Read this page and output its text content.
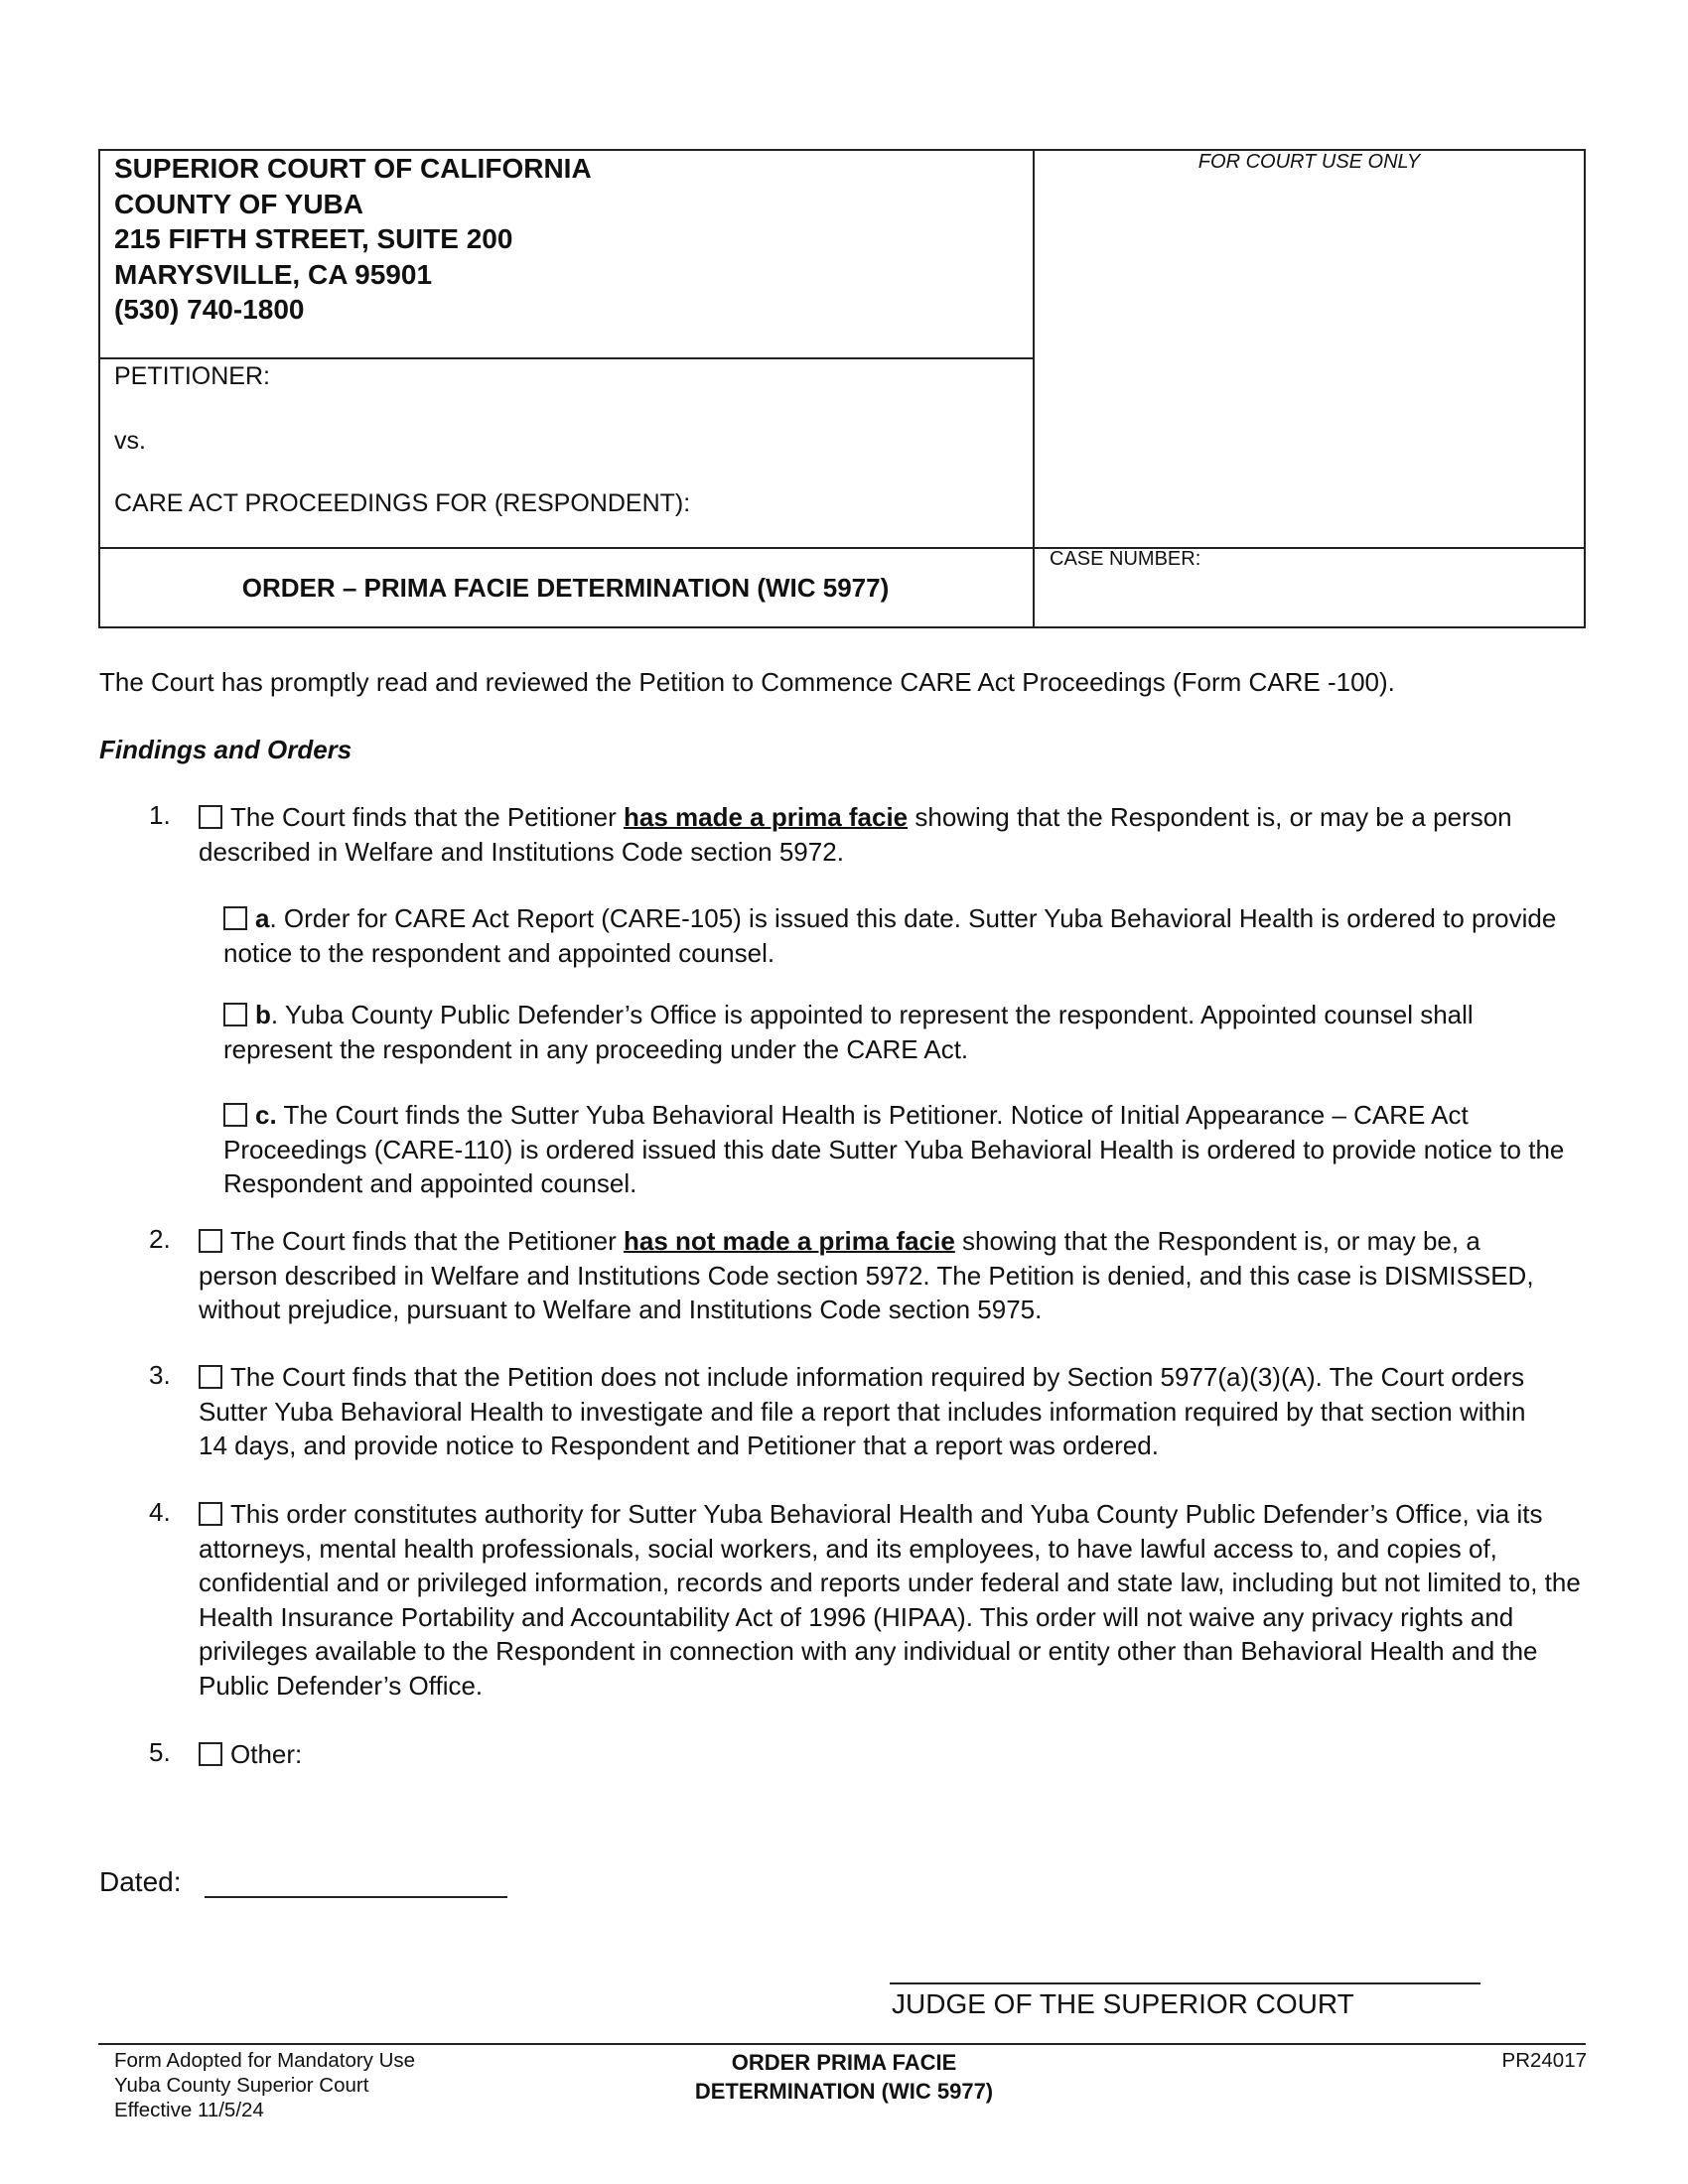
SUPERIOR COURT OF CALIFORNIA
COUNTY OF YUBA
215 FIFTH STREET, SUITE 200
MARYSVILLE, CA 95901
(530) 740-1800
FOR COURT USE ONLY
PETITIONER:
vs.
CARE ACT PROCEEDINGS FOR (RESPONDENT):
ORDER – PRIMA FACIE DETERMINATION (WIC 5977)
CASE NUMBER:
The Court has promptly read and reviewed the Petition to Commence CARE Act Proceedings (Form CARE -100).
Findings and Orders
1.	The Court finds that the Petitioner has made a prima facie showing that the Respondent is, or may be a person described in Welfare and Institutions Code section 5972.
a. Order for CARE Act Report (CARE-105) is issued this date. Sutter Yuba Behavioral Health is ordered to provide notice to the respondent and appointed counsel.
b. Yuba County Public Defender’s Office is appointed to represent the respondent. Appointed counsel shall represent the respondent in any proceeding under the CARE Act.
c. The Court finds the Sutter Yuba Behavioral Health is Petitioner. Notice of Initial Appearance – CARE Act Proceedings (CARE-110) is ordered issued this date Sutter Yuba Behavioral Health is ordered to provide notice to the Respondent and appointed counsel.
2.	The Court finds that the Petitioner has not made a prima facie showing that the Respondent is, or may be, a person described in Welfare and Institutions Code section 5972. The Petition is denied, and this case is DISMISSED, without prejudice, pursuant to Welfare and Institutions Code section 5975.
3.	The Court finds that the Petition does not include information required by Section 5977(a)(3)(A). The Court orders Sutter Yuba Behavioral Health to investigate and file a report that includes information required by that section within 14 days, and provide notice to Respondent and Petitioner that a report was ordered.
4.	This order constitutes authority for Sutter Yuba Behavioral Health and Yuba County Public Defender’s Office, via its attorneys, mental health professionals, social workers, and its employees, to have lawful access to, and copies of, confidential and or privileged information, records and reports under federal and state law, including but not limited to, the Health Insurance Portability and Accountability Act of 1996 (HIPAA). This order will not waive any privacy rights and privileges available to the Respondent in connection with any individual or entity other than Behavioral Health and the Public Defender’s Office.
5.	Other:
Dated:
JUDGE OF THE SUPERIOR COURT
Form Adopted for Mandatory Use
Yuba County Superior Court
Effective 11/5/24
ORDER PRIMA FACIE
DETERMINATION (WIC 5977)
PR24017
